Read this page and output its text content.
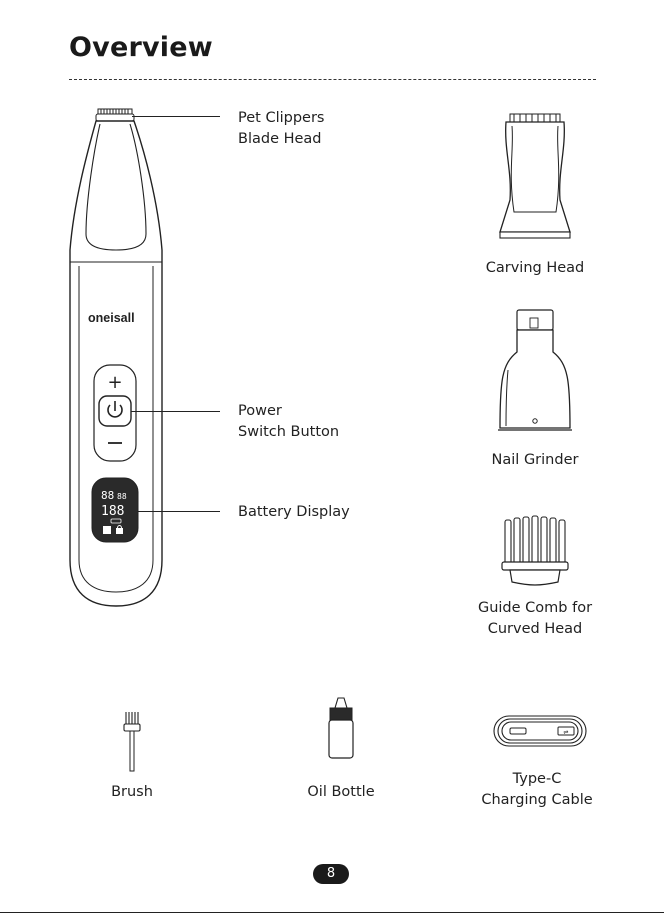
Overview
oneisall
+
88 88
188
Pet Clippers
Blade Head
Power
Switch Button
Battery Display
Carving Head
Nail Grinder
Guide Comb for
Curved Head
Brush	Oil Bottle
⇌
Type-C
Charging Cable
8
